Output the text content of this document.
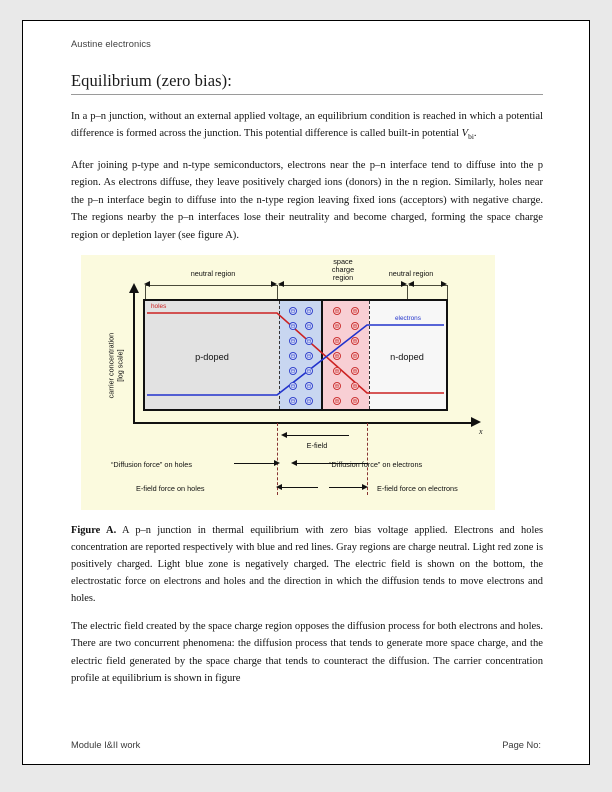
Austine electronics
Equilibrium (zero bias):

In a p–n junction, without an external applied voltage, an equilibrium condition is reached in which a potential difference is formed across the junction. This potential difference is called built-in potential $V_{bi}$.

After joining p-type and n-type semiconductors, electrons near the p–n interface tend to diffuse into the p region. As electrons diffuse, they leave positively charged ions (donors) in the n region. Similarly, holes near the p–n interface begin to diffuse into the n-type region leaving fixed ions (acceptors) with negative charge. The regions nearby the p–n interfaces lose their neutrality and become charged, forming the space charge region or depletion layer (see figure A).

neutral region
space
charge
region	neutral region
carrier concentration
[log scale]
holes
electrons
p-doped	n-doped
⊖ ⊖
⊖ ⊖
⊖ ⊖
⊖ ⊖
⊖ ⊖
⊖ ⊖
⊖ ⊖
⊕ ⊕
⊕ ⊕
⊕ ⊕
⊕ ⊕
⊕ ⊕
⊕ ⊕
⊕ ⊕
x
E-field
“Diffusion force” on holes	“Diffusion force” on electrons
E-field force on holes	E-field force on electrons

Figure A. A p–n junction in thermal equilibrium with zero bias voltage applied. Electrons and holes concentration are reported respectively with blue and red lines. Gray regions are charge neutral. Light red zone is positively charged. Light blue zone is negatively charged. The electric field is shown on the bottom, the electrostatic force on electrons and holes and the direction in which the diffusion tends to move electrons and holes.

The electric field created by the space charge region opposes the diffusion process for both electrons and holes. There are two concurrent phenomena: the diffusion process that tends to generate more space charge, and the electric field generated by the space charge that tends to counteract the diffusion. The carrier concentration profile at equilibrium is shown in figure

Module I&II work	Page No:
